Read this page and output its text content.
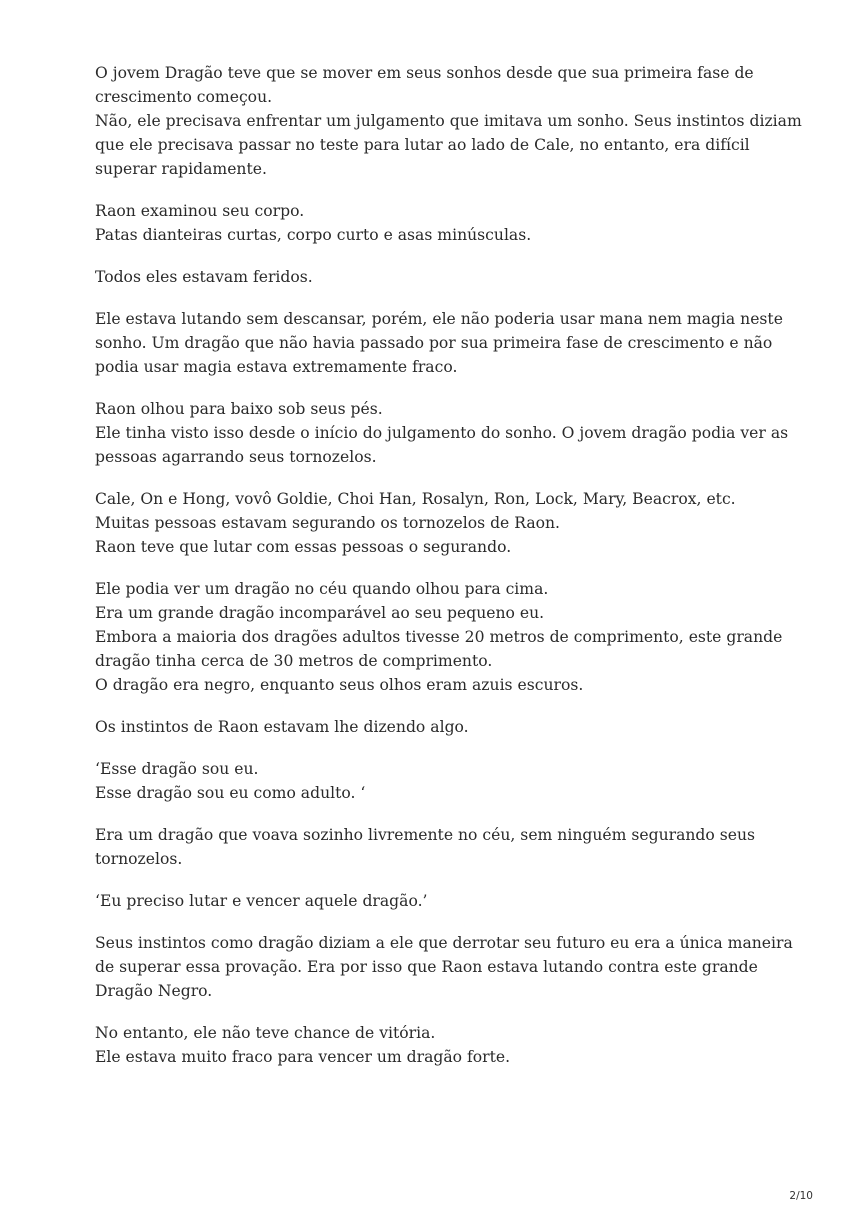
O jovem Dragão teve que se mover em seus sonhos desde que sua primeira fase de
crescimento começou.
Não, ele precisava enfrentar um julgamento que imitava um sonho. Seus instintos diziam
que ele precisava passar no teste para lutar ao lado de Cale, no entanto, era difícil
superar rapidamente.

Raon examinou seu corpo.
Patas dianteiras curtas, corpo curto e asas minúsculas.

Todos eles estavam feridos.

Ele estava lutando sem descansar, porém, ele não poderia usar mana nem magia neste
sonho. Um dragão que não havia passado por sua primeira fase de crescimento e não
podia usar magia estava extremamente fraco.

Raon olhou para baixo sob seus pés.
Ele tinha visto isso desde o início do julgamento do sonho. O jovem dragão podia ver as
pessoas agarrando seus tornozelos.

Cale, On e Hong, vovô Goldie, Choi Han, Rosalyn, Ron, Lock, Mary, Beacrox, etc.
Muitas pessoas estavam segurando os tornozelos de Raon.
Raon teve que lutar com essas pessoas o segurando.

Ele podia ver um dragão no céu quando olhou para cima.
Era um grande dragão incomparável ao seu pequeno eu.
Embora a maioria dos dragões adultos tivesse 20 metros de comprimento, este grande
dragão tinha cerca de 30 metros de comprimento.
O dragão era negro, enquanto seus olhos eram azuis escuros.

Os instintos de Raon estavam lhe dizendo algo.

‘Esse dragão sou eu.
Esse dragão sou eu como adulto. ‘

Era um dragão que voava sozinho livremente no céu, sem ninguém segurando seus
tornozelos.

‘Eu preciso lutar e vencer aquele dragão.’

Seus instintos como dragão diziam a ele que derrotar seu futuro eu era a única maneira
de superar essa provação. Era por isso que Raon estava lutando contra este grande
Dragão Negro.

No entanto, ele não teve chance de vitória.
Ele estava muito fraco para vencer um dragão forte.

2/10
